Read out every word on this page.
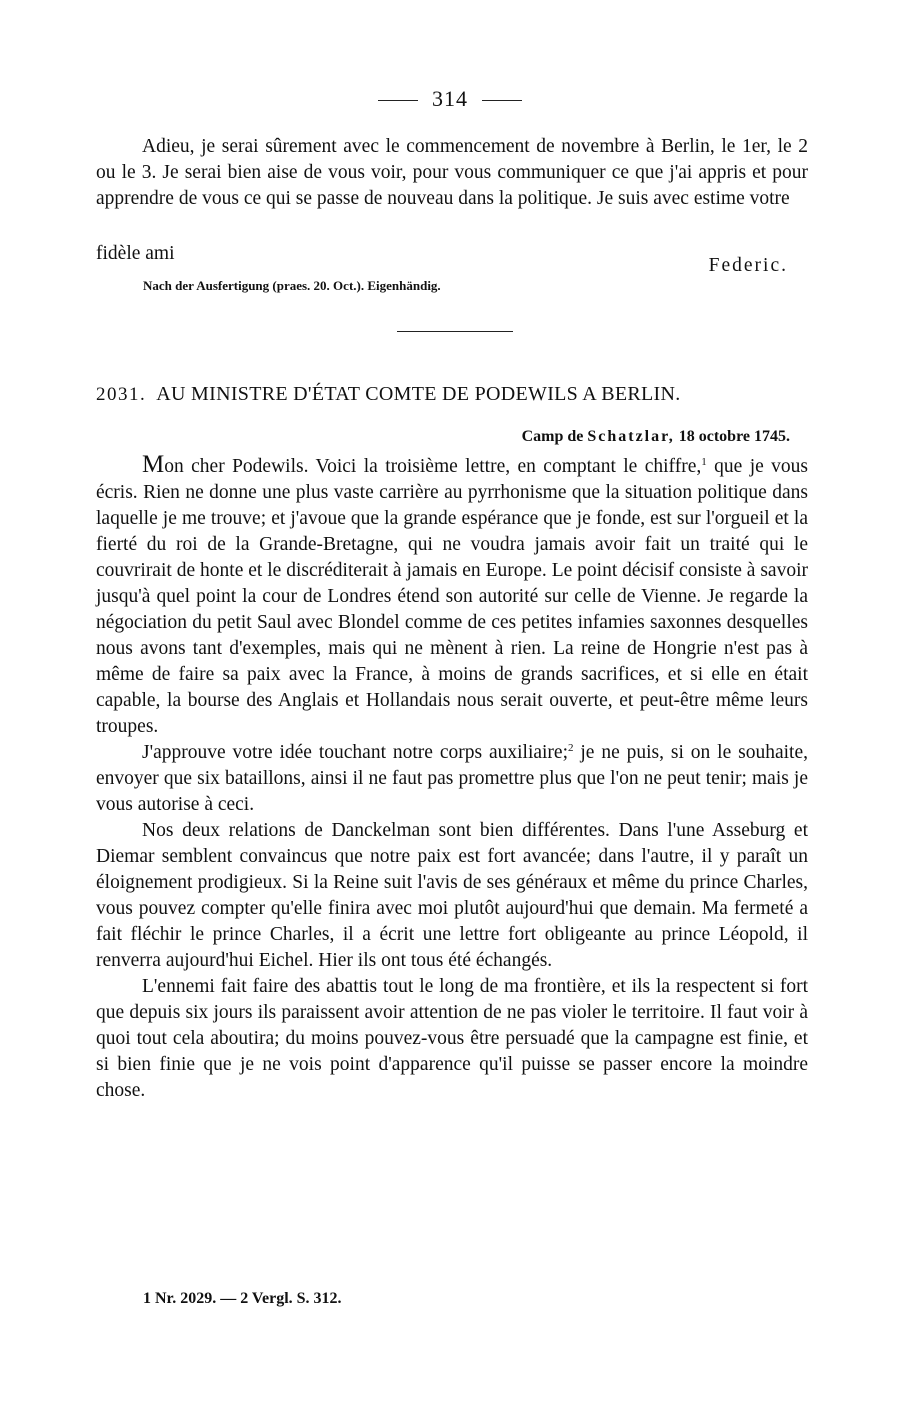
314

Adieu, je serai sûrement avec le commencement de novembre à Berlin, le 1er, le 2 ou le 3. Je serai bien aise de vous voir, pour vous communiquer ce que j'ai appris et pour apprendre de vous ce qui se passe de nouveau dans la politique. Je suis avec estime votre

fidèle ami
Federic.
Nach der Ausfertigung (praes. 20. Oct.). Eigenhändig.
2031. AU MINISTRE D'ÉTAT COMTE DE PODEWILS A BERLIN.
Camp de Schatzlar, 18 octobre 1745.

Mon cher Podewils. Voici la troisième lettre, en comptant le chiffre,$^1$ que je vous écris. Rien ne donne une plus vaste carrière au pyrrhonisme que la situation politique dans laquelle je me trouve; et j'avoue que la grande espérance que je fonde, est sur l'orgueil et la fierté du roi de la Grande-Bretagne, qui ne voudra jamais avoir fait un traité qui le couvrirait de honte et le discréditerait à jamais en Europe. Le point décisif consiste à savoir jusqu'à quel point la cour de Londres étend son autorité sur celle de Vienne. Je regarde la négociation du petit Saul avec Blondel comme de ces petites infamies saxonnes desquelles nous avons tant d'exemples, mais qui ne mènent à rien. La reine de Hongrie n'est pas à même de faire sa paix avec la France, à moins de grands sacrifices, et si elle en était capable, la bourse des Anglais et Hollandais nous serait ouverte, et peut-être même leurs troupes.

J'approuve votre idée touchant notre corps auxiliaire;$^2$ je ne puis, si on le souhaite, envoyer que six bataillons, ainsi il ne faut pas promettre plus que l'on ne peut tenir; mais je vous autorise à ceci.

Nos deux relations de Danckelman sont bien différentes. Dans l'une Asseburg et Diemar semblent convaincus que notre paix est fort avancée; dans l'autre, il y paraît un éloignement prodigieux. Si la Reine suit l'avis de ses généraux et même du prince Charles, vous pouvez compter qu'elle finira avec moi plutôt aujourd'hui que demain. Ma fermeté a fait fléchir le prince Charles, il a écrit une lettre fort obligeante au prince Léopold, il renverra aujourd'hui Eichel. Hier ils ont tous été échangés.

L'ennemi fait faire des abattis tout le long de ma frontière, et ils la respectent si fort que depuis six jours ils paraissent avoir attention de ne pas violer le territoire. Il faut voir à quoi tout cela aboutira; du moins pouvez-vous être persuadé que la campagne est finie, et si bien finie que je ne vois point d'apparence qu'il puisse se passer encore la moindre chose.

1 Nr. 2029. — 2 Vergl. S. 312.
